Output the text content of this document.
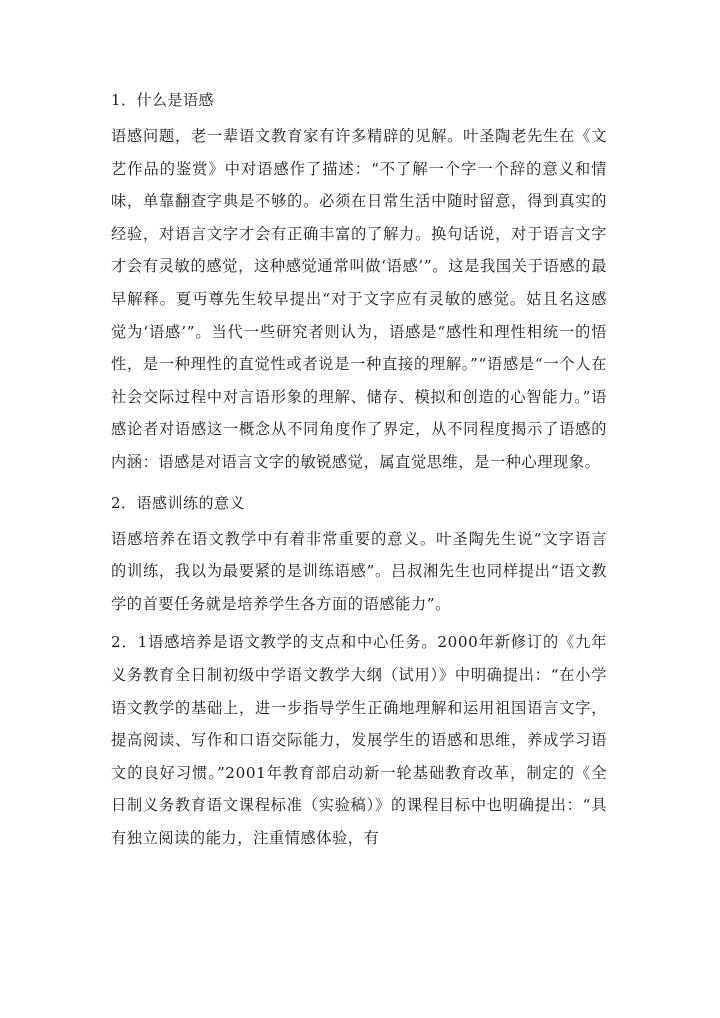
1．什么是语感

语感问题，老一辈语文教育家有许多精辟的见解。叶圣陶老先生在《文艺作品的鉴赏》中对语感作了描述：“不了解一个字一个辞的意义和情味，单靠翻查字典是不够的。必须在日常生活中随时留意，得到真实的经验，对语言文字才会有正确丰富的了解力。换句话说，对于语言文字才会有灵敏的感觉，这种感觉通常叫做‘语感’”。这是我国关于语感的最早解释。夏丏尊先生较早提出“对于文字应有灵敏的感觉。姑且名这感觉为‘语感’”。当代一些研究者则认为，语感是“感性和理性相统一的悟性，是一种理性的直觉性或者说是一种直接的理解。”“语感是“一个人在社会交际过程中对言语形象的理解、储存、模拟和创造的心智能力。”语感论者对语感这一概念从不同角度作了界定，从不同程度揭示了语感的内涵：语感是对语言文字的敏锐感觉，属直觉思维，是一种心理现象。

2．语感训练的意义

语感培养在语文教学中有着非常重要的意义。叶圣陶先生说“文字语言的训练，我以为最要紧的是训练语感”。吕叔湘先生也同样提出“语文教学的首要任务就是培养学生各方面的语感能力”。

2．1语感培养是语文教学的支点和中心任务。2000年新修订的《九年义务教育全日制初级中学语文教学大纲（试用）》中明确提出：“在小学语文教学的基础上，进一步指导学生正确地理解和运用祖国语言文字，提高阅读、写作和口语交际能力，发展学生的语感和思维，养成学习语文的良好习惯。”2001年教育部启动新一轮基础教育改革，制定的《全日制义务教育语文课程标准（实验稿）》的课程目标中也明确提出：“具有独立阅读的能力，注重情感体验，有
